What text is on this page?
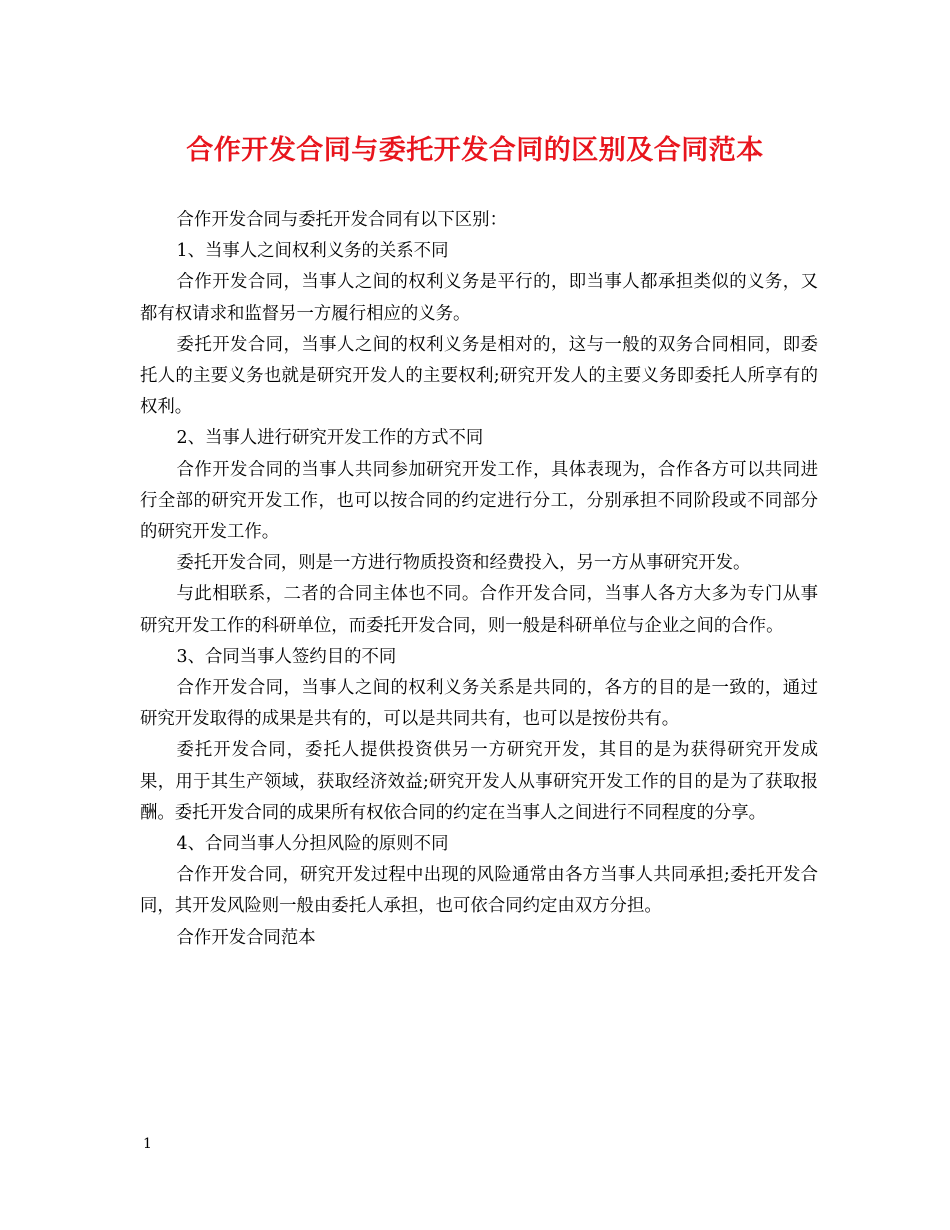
合作开发合同与委托开发合同的区别及合同范本

合作开发合同与委托开发合同有以下区别：

1、当事人之间权利义务的关系不同

合作开发合同，当事人之间的权利义务是平行的，即当事人都承担类似的义务，又都有权请求和监督另一方履行相应的义务。

委托开发合同，当事人之间的权利义务是相对的，这与一般的双务合同相同，即委托人的主要义务也就是研究开发人的主要权利;研究开发人的主要义务即委托人所享有的权利。

2、当事人进行研究开发工作的方式不同

合作开发合同的当事人共同参加研究开发工作，具体表现为，合作各方可以共同进行全部的研究开发工作，也可以按合同的约定进行分工，分别承担不同阶段或不同部分的研究开发工作。

委托开发合同，则是一方进行物质投资和经费投入，另一方从事研究开发。

与此相联系，二者的合同主体也不同。合作开发合同，当事人各方大多为专门从事研究开发工作的科研单位，而委托开发合同，则一般是科研单位与企业之间的合作。

3、合同当事人签约目的不同

合作开发合同，当事人之间的权利义务关系是共同的，各方的目的是一致的，通过研究开发取得的成果是共有的，可以是共同共有，也可以是按份共有。

委托开发合同，委托人提供投资供另一方研究开发，其目的是为获得研究开发成果，用于其生产领域，获取经济效益;研究开发人从事研究开发工作的目的是为了获取报酬。委托开发合同的成果所有权依合同的约定在当事人之间进行不同程度的分享。

4、合同当事人分担风险的原则不同

合作开发合同，研究开发过程中出现的风险通常由各方当事人共同承担;委托开发合同，其开发风险则一般由委托人承担，也可依合同约定由双方分担。

合作开发合同范本

1
